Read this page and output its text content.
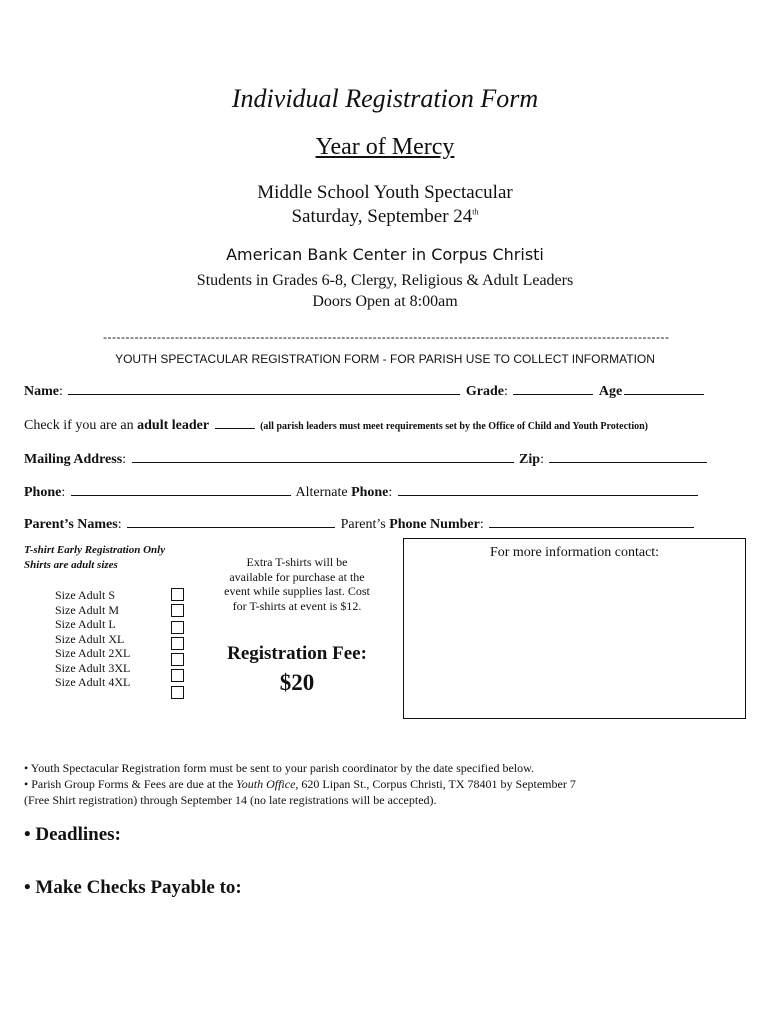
Individual Registration Form
Year of Mercy
Middle School Youth Spectacular
Saturday, September 24th
American Bank Center in Corpus Christi
Students in Grades 6-8, Clergy, Religious & Adult Leaders
Doors Open at 8:00am
------------------------------------------------------------------------------------------------------------------------------
YOUTH SPECTACULAR REGISTRATION FORM - FOR PARISH USE TO COLLECT INFORMATION
Name:	Grade:	Age
Check if you are an adult leader	(all parish leaders must meet requirements set by the Office of Child and Youth Protection)
Mailing Address:	Zip:
Phone:	Alternate Phone:
Parent’s Names:	Parent’s Phone Number:
T-shirt Early Registration Only
Shirts are adult sizes
Size Adult S
Size Adult M
Size Adult L
Size Adult XL
Size Adult 2XL
Size Adult 3XL
Size Adult 4XL
Extra T-shirts will be
available for purchase at the
event while supplies last. Cost
for T-shirts at event is $12.
Registration Fee:
$20
For more information contact:
• Youth Spectacular Registration form must be sent to your parish coordinator by the date specified below.
• Parish Group Forms & Fees are due at the Youth Office, 620 Lipan St., Corpus Christi, TX 78401 by September 7
(Free Shirt registration) through September 14 (no late registrations will be accepted).
• Deadlines:
• Make Checks Payable to:
